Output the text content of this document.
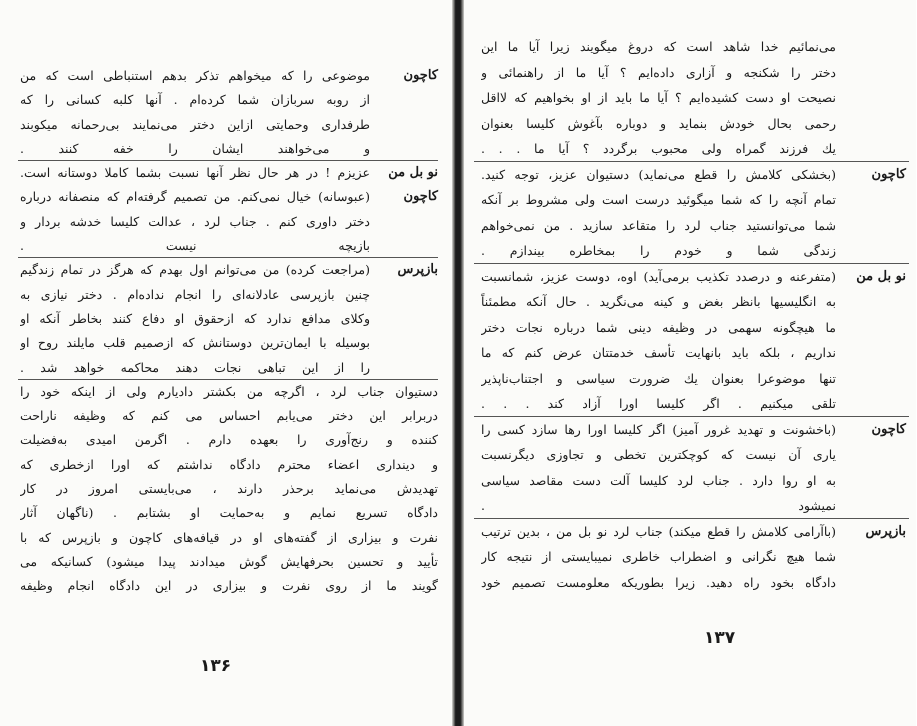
کاچون
موضوعی را که میخواهم تذکر بدهم استنباطی است که من
از روبه سربازان شما کرده‌ام . آنها کلبه کسانی را که
طرفداری وحمایتی ازاین دختر می‌نمایند بی‌رحمانه میکوبند
و می‌خواهند ایشان را خفه کنند .
نو بل من
عزیزم ! در هر حال نظر آنها نسبت بشما کاملا دوستانه است.
کاچون
(عبوسانه) خیال نمی‌کنم. من تصمیم گرفته‌ام که منصفانه درباره
دختر داوری کنم . جناب لرد ، عدالت کلیسا خدشه بردار و
بازیچه نیست .
بازپرس
(مراجعت کرده) من می‌توانم اول بهدم که هرگز در تمام زندگیم
چنین بازپرسی عادلانه‌ای را انجام نداده‌ام . دختر نیازی به
وکلای مدافع ندارد که ازحقوق او دفاع کنند بخاطر آنکه او
بوسیله با ایمان‌ترین دوستانش که ازصمیم قلب مایلند روح او
را از این تباهی نجات دهند محاکمه خواهد شد .
دستیوان جناب لرد ، اگرچه من بکشتر دادیارم ولی از اینکه خود را
دربرابر این دختر می‌یابم احساس می کنم که وظیفه ناراحت
کننده و رنج‌آوری را بعهده دارم . اگرمن امیدی به‌فضیلت
و دینداری اعضاء محترم دادگاه نداشتم که اورا ازخطری که
تهدیدش می‌نماید برحذر دارند ، می‌بایستی امروز در کار
دادگاه تسریع نمایم و به‌حمایت او بشتابم . (ناگهان آثار
نفرت و بیزاری از گفته‌های او در قیافه‌های کاچون و بازپرس که با
تأیید و تحسین بحرفهایش گوش میدادند پیدا میشود) کسانیکه می‌
گویند ما از روی نفرت و بیزاری در این دادگاه انجام وظیفه
۱۳۶
می‌نمائیم خدا شاهد است که دروغ میگویند زیرا آیا ما این
دختر را شکنجه و آزاری داده‌ایم ؟ آیا ما از راهنمائی و
نصیحت او دست کشیده‌ایم ؟ آیا ما باید از او بخواهیم که لااقل
رحمی بحال خودش بنماید و دوباره بآغوش کلیسا بعنوان
یك فرزند گمراه ولی محبوب برگردد ؟ آیا ما . . .
کاچون
(بخشکی کلامش را قطع می‌نماید) دستیوان عزیز، توجه کنید.
تمام آنچه را که شما میگوئید درست است ولی مشروط بر آنکه
شما می‌توانستید جناب لرد را متقاعد سازید . من نمی‌خواهم
زندگی شما و خودم را بمخاطره بیندازم .
نو بل من
(متفرعنه و درصدد تکذیب برمی‌آید) اوه، دوست عزیز، شمانسبت
به انگلیسیها بانظر بغض و کینه می‌نگرید . حال آنکه مطمئناً
ما هیچگونه سهمی در وظیفه دینی شما درباره نجات دختر
نداریم ، بلکه باید بانهایت تأسف خدمتتان عرض کنم که ما
تنها موضوعرا بعنوان یك ضرورت سیاسی و اجتناب‌ناپذیر
تلقی میکنیم . اگر کلیسا اورا آزاد کند . . .
کاچون
(باخشونت و تهدید غرور آمیز) اگر کلیسا اورا رها سازد کسی را
یاری آن نیست که کوچکترین تخطی و تجاوزی دیگرنسبت
به او روا دارد . جناب لرد کلیسا آلت دست مقاصد سیاسی
نمیشود .
بازپرس
(باآرامی کلامش را قطع میکند) جناب لرد نو بل من ، بدین ترتیب
شما هیچ نگرانی و اضطراب خاطری نمیبایستی از نتیجه کار
دادگاه بخود راه دهید. زیرا بطوریکه معلومست تصمیم خود
۱۳۷
